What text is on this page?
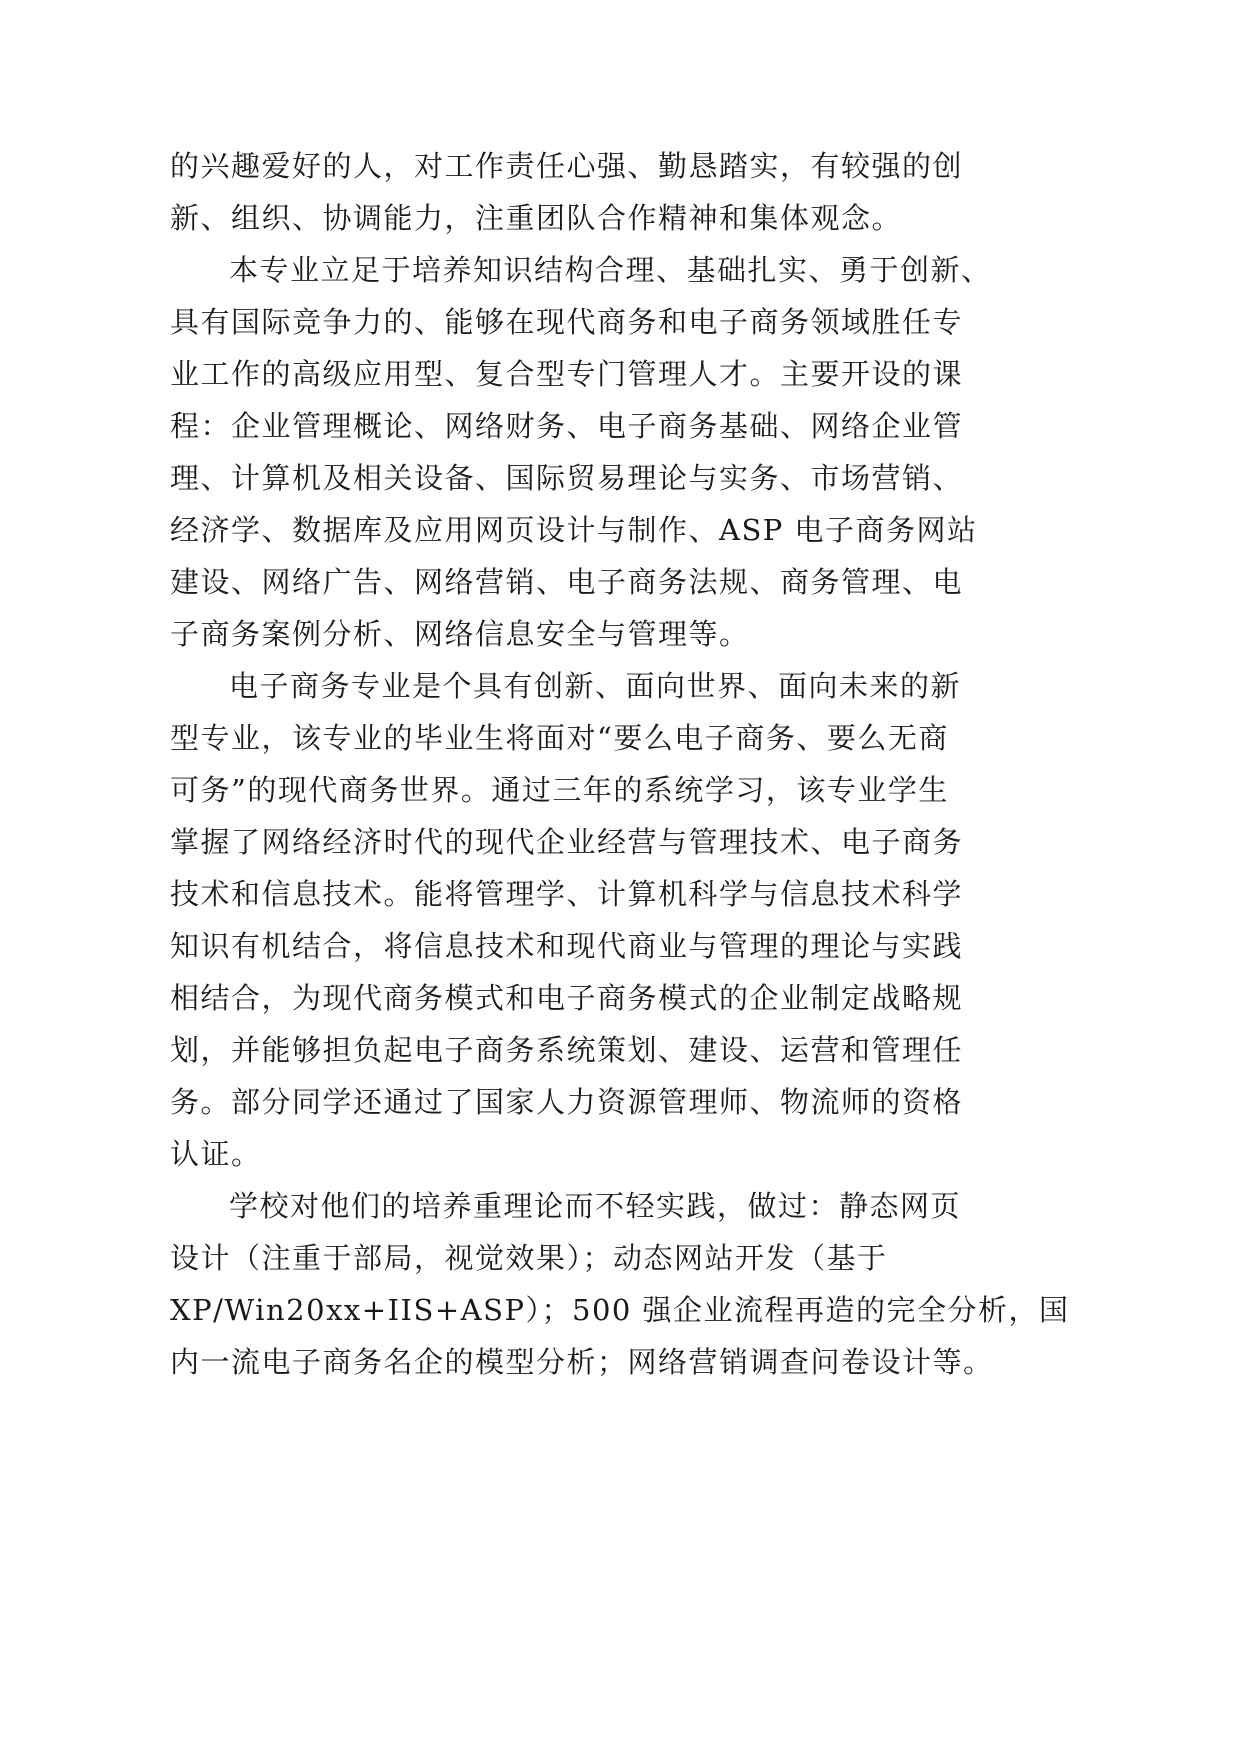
的兴趣爱好的人，对工作责任心强、勤恳踏实，有较强的创

新、组织、协调能力，注重团队合作精神和集体观念。

本专业立足于培养知识结构合理、基础扎实、勇于创新、

具有国际竞争力的、能够在现代商务和电子商务领域胜任专

业工作的高级应用型、复合型专门管理人才。主要开设的课

程：企业管理概论、网络财务、电子商务基础、网络企业管

理、计算机及相关设备、国际贸易理论与实务、市场营销、

经济学、数据库及应用网页设计与制作、ASP 电子商务网站

建设、网络广告、网络营销、电子商务法规、商务管理、电

子商务案例分析、网络信息安全与管理等。

电子商务专业是个具有创新、面向世界、面向未来的新

型专业，该专业的毕业生将面对“要么电子商务、要么无商

可务”的现代商务世界。通过三年的系统学习，该专业学生

掌握了网络经济时代的现代企业经营与管理技术、电子商务

技术和信息技术。能将管理学、计算机科学与信息技术科学

知识有机结合，将信息技术和现代商业与管理的理论与实践

相结合，为现代商务模式和电子商务模式的企业制定战略规

划，并能够担负起电子商务系统策划、建设、运营和管理任

务。部分同学还通过了国家人力资源管理师、物流师的资格

认证。

学校对他们的培养重理论而不轻实践，做过：静态网页

设计（注重于部局，视觉效果）；动态网站开发（基于

XP/Win20xx+IIS+ASP）；500 强企业流程再造的完全分析，国

内一流电子商务名企的模型分析；网络营销调查问卷设计等。
